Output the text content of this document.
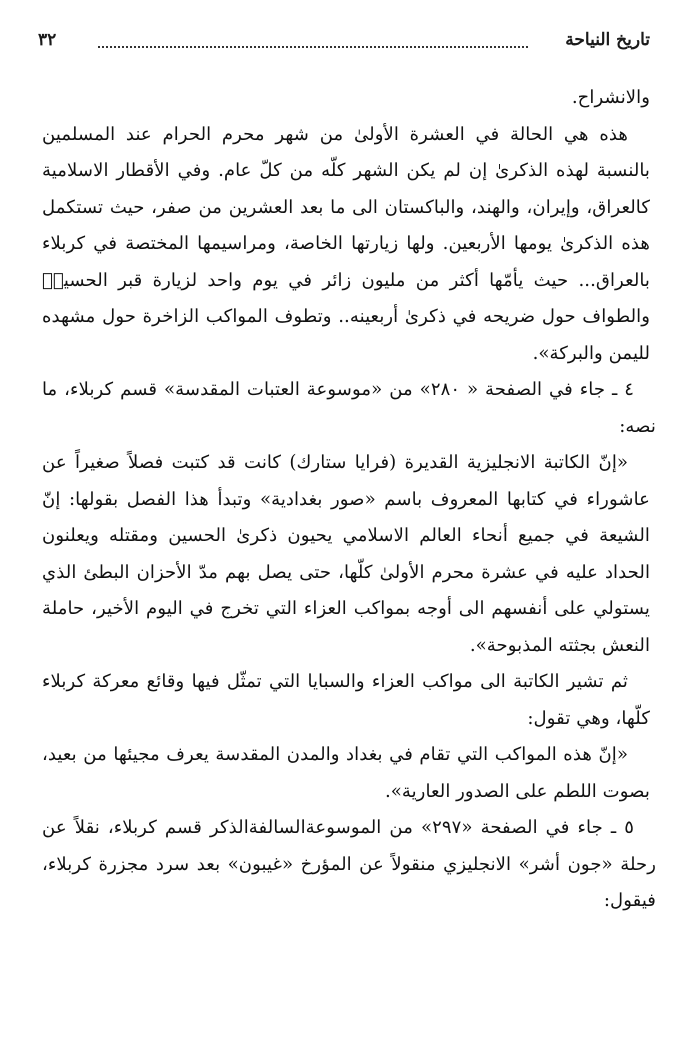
٣٢	تاريخ النياحة

والانشراح.

هذه هي الحالة في العشرة الأولىٰ من شهر محرم الحرام عند المسلمين بالنسبة لهذه الذكرىٰ إن لم يكن الشهر كلّه من كلّ عام. وفي الأقطار الاسلامية كالعراق، وإيران، والهند، والباكستان الى ما بعد العشرين من صفر، حيث تستكمل هذه الذكرىٰ يومها الأربعين. ولها زيارتها الخاصة، ومراسيمها المختصة في كربلاء بالعراق... حيث يأمّها أكثر من مليون زائر في يوم واحد لزيارة قبر الحسينؓ والطواف حول ضريحه في ذكرىٰ أربعينه.. وتطوف المواكب الزاخرة حول مشهده لليمن والبركة».

٤ ـ جاء في الصفحة « ٢٨٠» من «موسوعة العتبات المقدسة» قسم كربلاء، ما نصه:

«إنّ الكاتبة الانجليزية القديرة (فرايا ستارك) كانت قد كتبت فصلاً صغيراً عن عاشوراء في كتابها المعروف باسم «صور بغدادية» وتبدأ هذا الفصل بقولها: إنّ الشيعة في جميع أنحاء العالم الاسلامي يحيون ذكرىٰ الحسين ومقتله ويعلنون الحداد عليه في عشرة محرم الأولىٰ كلّها، حتى يصل بهم مدّ الأحزان البطئ الذي يستولي على أنفسهم الى أوجه بمواكب العزاء التي تخرج في اليوم الأخير، حاملة النعش بجثته المذبوحة».

ثم تشير الكاتبة الى مواكب العزاء والسبايا التي تمثّل فيها وقائع معركة كربلاء كلّها، وهي تقول:

«إنّ هذه المواكب التي تقام في بغداد والمدن المقدسة يعرف مجيئها من بعيد، بصوت اللطم على الصدور العارية».

٥ ـ جاء في الصفحة «٢٩٧» من الموسوعةالسالفةالذكر قسم كربلاء، نقلاً عن رحلة «جون أشر» الانجليزي منقولاً عن المؤرخ «غيبون» بعد سرد مجزرة كربلاء، فيقول:
